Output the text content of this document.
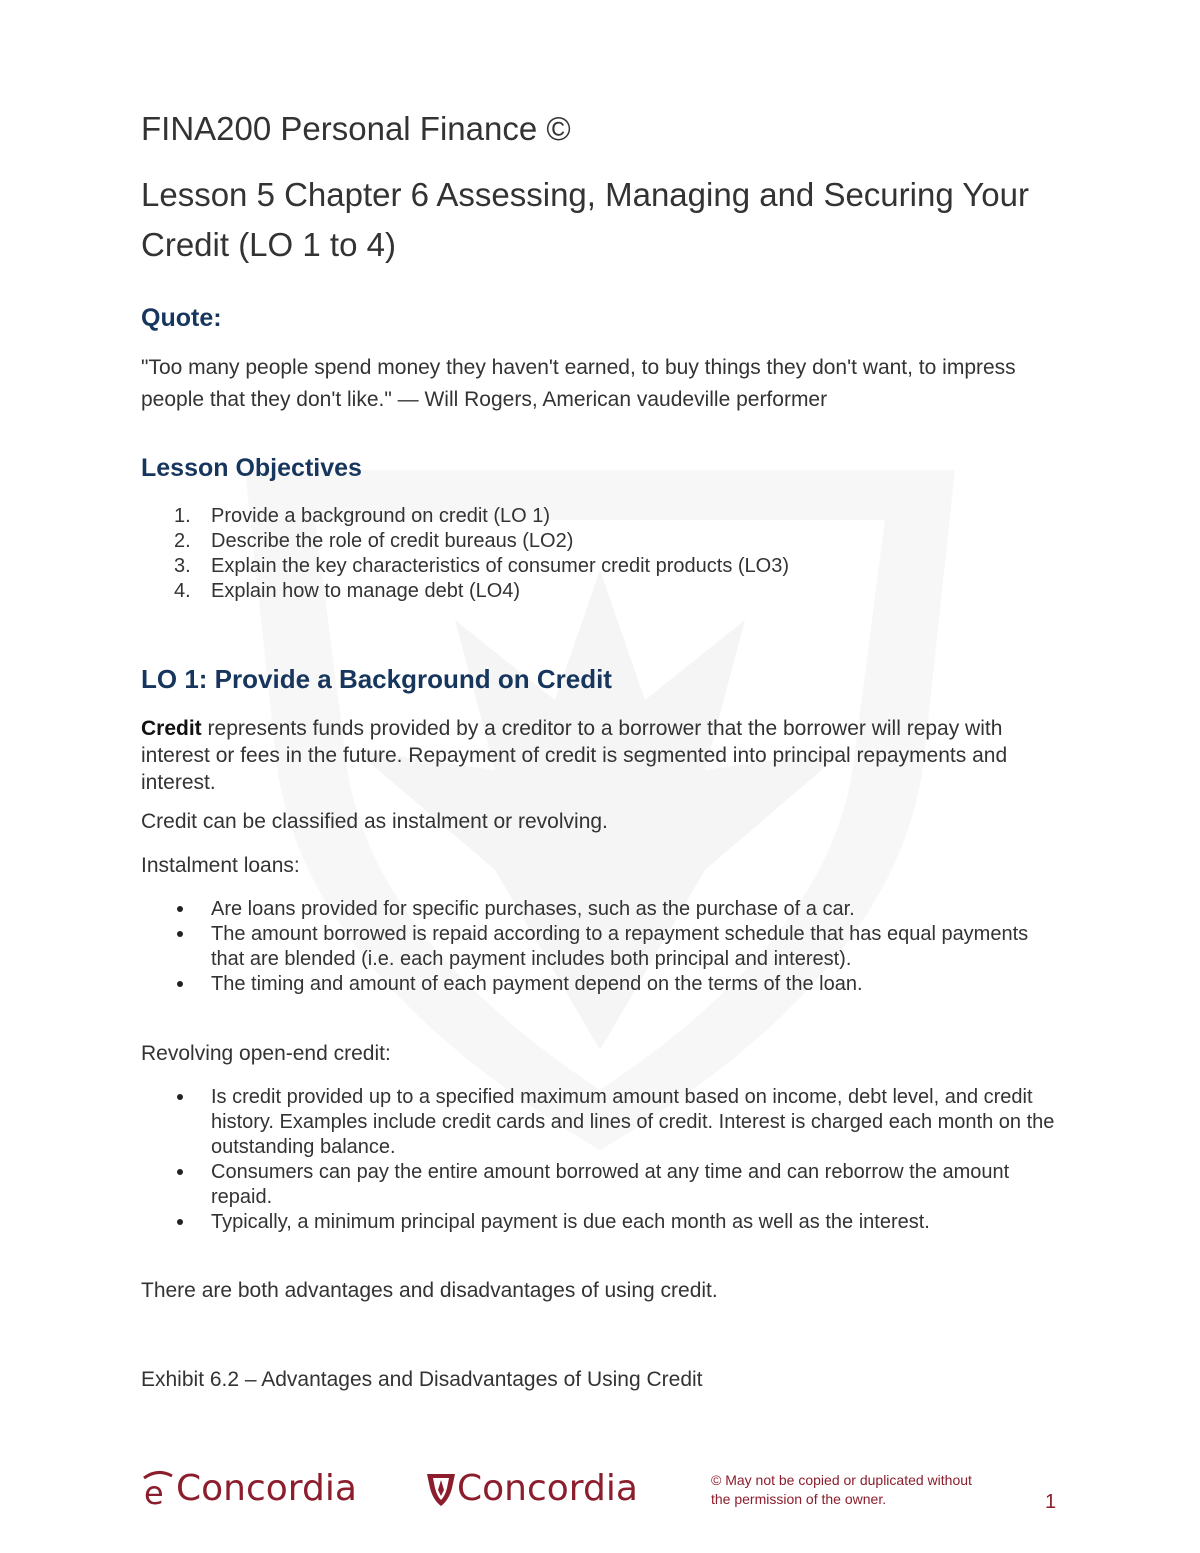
FINA200 Personal Finance ©
Lesson 5 Chapter 6 Assessing, Managing and Securing Your Credit (LO 1 to 4)
Quote:

"Too many people spend money they haven't earned, to buy things they don't want, to impress people that they don't like." — Will Rogers, American vaudeville performer

Lesson Objectives
1.	Provide a background on credit (LO 1)
2.	Describe the role of credit bureaus (LO2)
3.	Explain the key characteristics of consumer credit products (LO3)
4.	Explain how to manage debt (LO4)
LO 1: Provide a Background on Credit

Credit represents funds provided by a creditor to a borrower that the borrower will repay with interest or fees in the future. Repayment of credit is segmented into principal repayments and interest.

Credit can be classified as instalment or revolving.

Instalment loans:

Are loans provided for specific purchases, such as the purchase of a car.
The amount borrowed is repaid according to a repayment schedule that has equal payments that are blended (i.e. each payment includes both principal and interest).
The timing and amount of each payment depend on the terms of the loan.

Revolving open-end credit:

Is credit provided up to a specified maximum amount based on income, debt level, and credit history. Examples include credit cards and lines of credit. Interest is charged each month on the outstanding balance.
Consumers can pay the entire amount borrowed at any time and can reborrow the amount repaid.
Typically, a minimum principal payment is due each month as well as the interest.

There are both advantages and disadvantages of using credit.

Exhibit 6.2 – Advantages and Disadvantages of Using Credit

e Concordia	Concordia	© May not be copied or duplicated without the permission of the owner.	1
